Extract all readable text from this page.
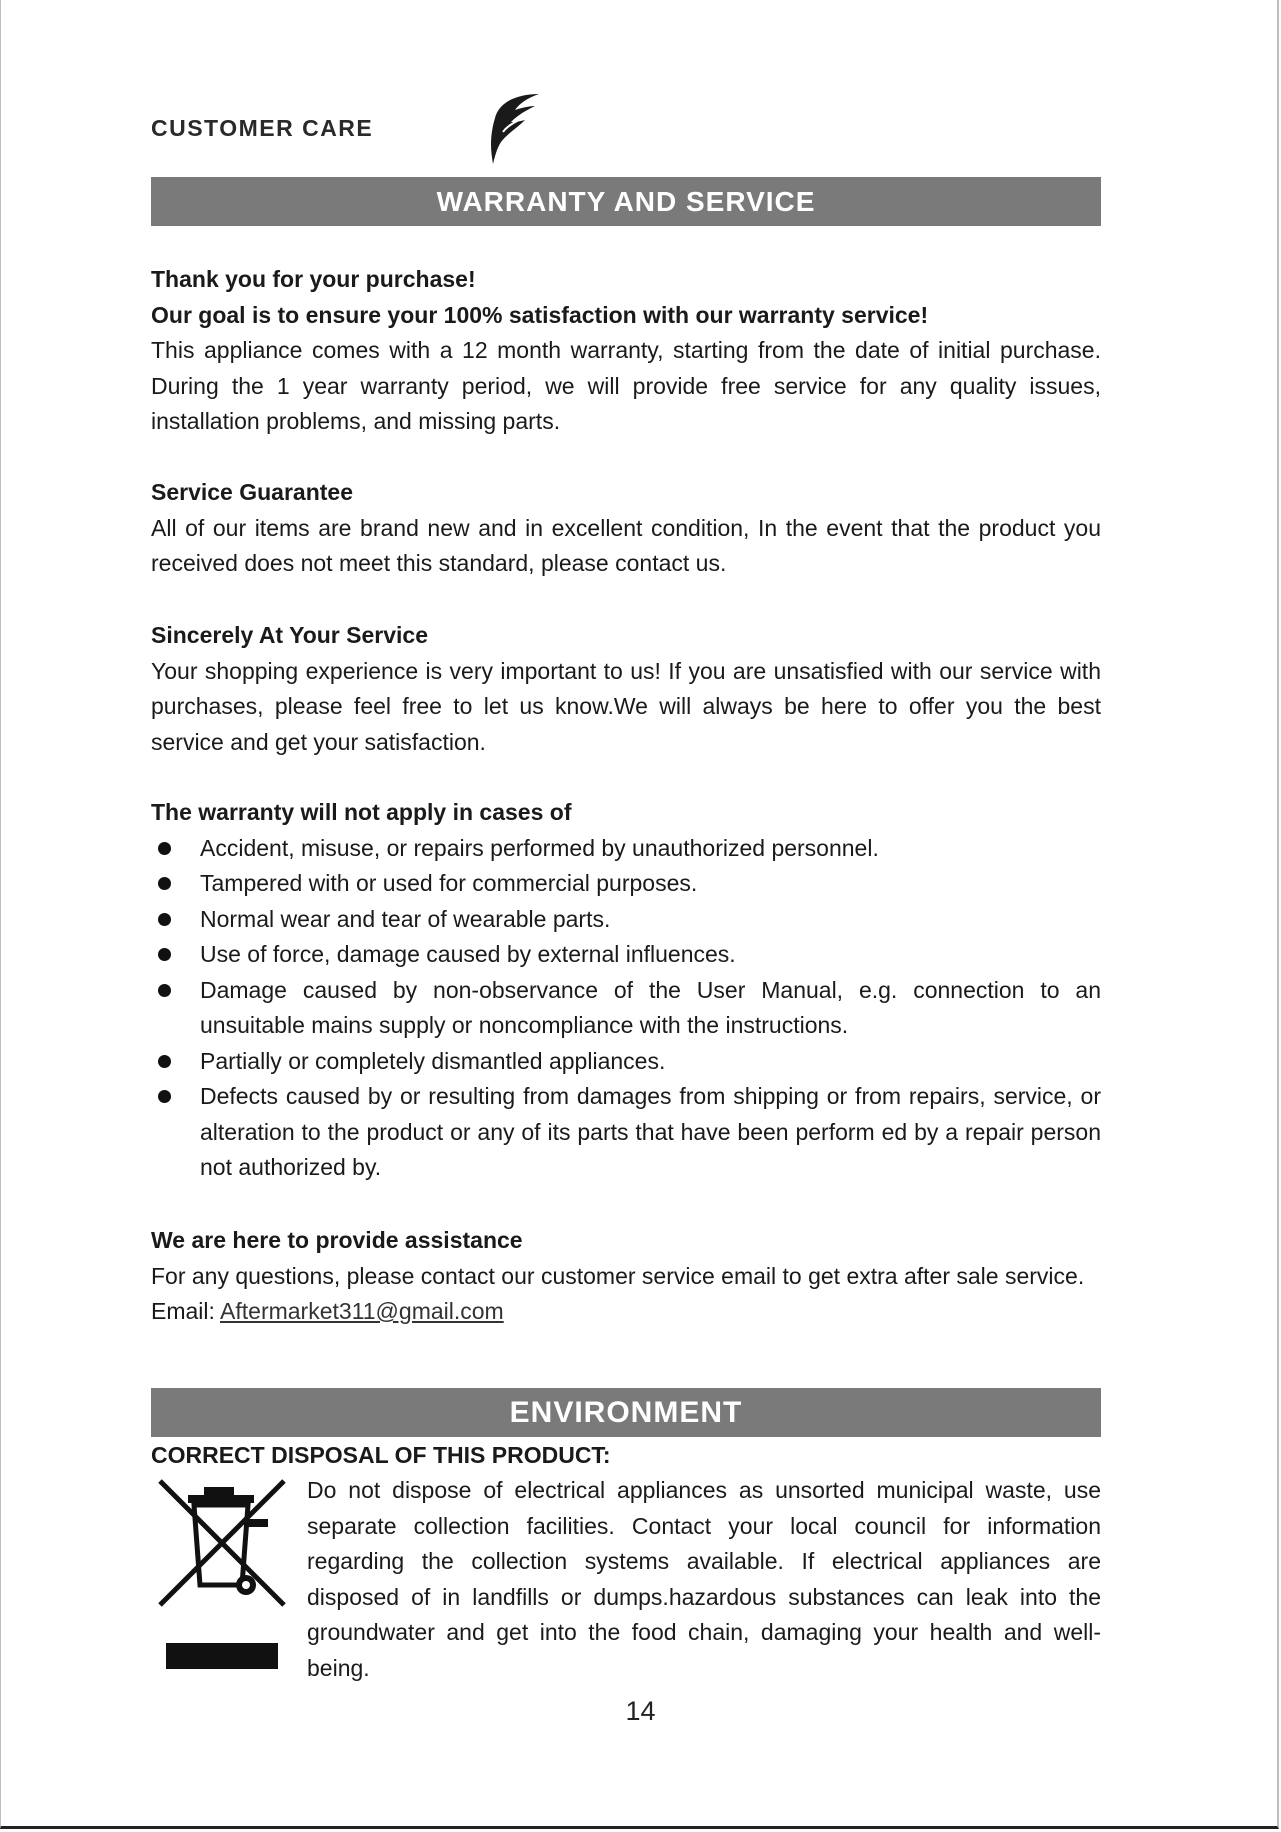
CUSTOMER CARE
WARRANTY AND SERVICE

Thank you for your purchase!

Our goal is to ensure your 100% satisfaction with our warranty service!

This appliance comes with a 12 month warranty, starting from the date of initial purchase. During the 1 year warranty period, we will provide free service for any quality issues, installation problems, and missing parts.

Service Guarantee

All of our items are brand new and in excellent condition, In the event that the product you received does not meet this standard, please contact us.

Sincerely At Your Service

Your shopping experience is very important to us! If you are unsatisfied with our service with purchases, please feel free to let us know.We will always be here to offer you the best service and get your satisfaction.

The warranty will not apply in cases of

Accident, misuse, or repairs performed by unauthorized personnel.
Tampered with or used for commercial purposes.
Normal wear and tear of wearable parts.
Use of force, damage caused by external influences.
Damage caused by non-observance of the User Manual, e.g. connection to an unsuitable mains supply or noncompliance with the instructions.
Partially or completely dismantled appliances.
Defects caused by or resulting from damages from shipping or from repairs, service, or alteration to the product or any of its parts that have been perform ed by a repair person not authorized by.

We are here to provide assistance

For any questions, please contact our customer service email to get extra after sale service.

Email: Aftermarket311@gmail.com

ENVIRONMENT

CORRECT DISPOSAL OF THIS PRODUCT:

Do not dispose of electrical appliances as unsorted municipal waste, use separate collection facilities. Contact your local council for information regarding the collection systems available. If electrical appliances are disposed of in landfills or dumps.hazardous substances can leak into the groundwater and get into the food chain, damaging your health and well-being.
14
